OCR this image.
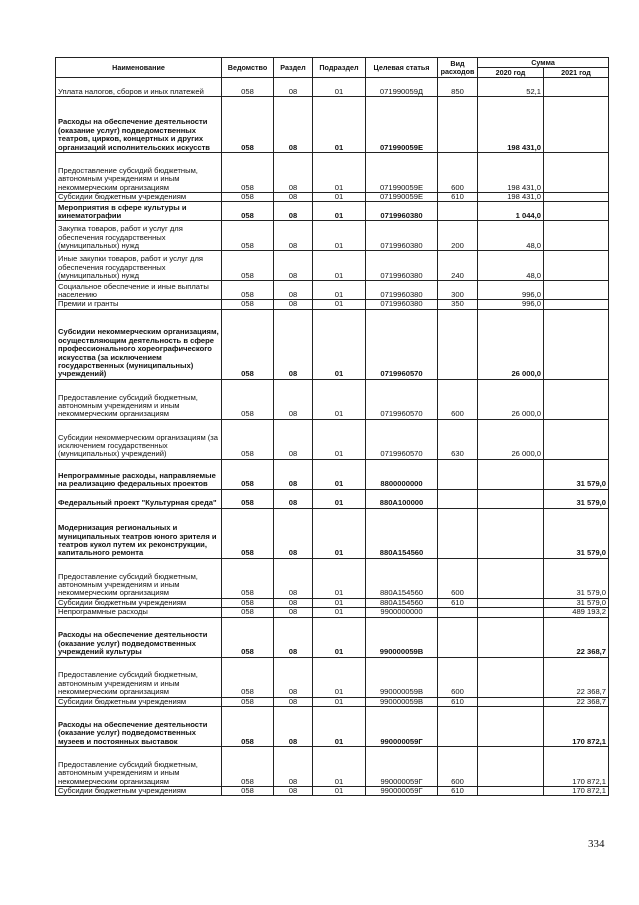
Наименование	Ведомство	Раздел	Подраздел	Целевая статья	Вид расходов	Сумма	
						2020 год	2021 год
Уплата налогов, сборов и иных платежей	058	08	01	071990059Д	850	52,1	
Расходы на обеспечение деятельности (оказание услуг) подведомственных театров, цирков, концертных и других организаций исполнительских искусств	058	08	01	071990059Е		198 431,0	
Предоставление субсидий бюджетным, автономным учреждениям и иным некоммерческим организациям	058	08	01	071990059Е	600	198 431,0	
Субсидии бюджетным учреждениям	058	08	01	071990059Е	610	198 431,0	
Мероприятия в сфере культуры и кинематографии	058	08	01	0719960380		1 044,0	
Закупка товаров, работ и услуг для обеспечения государственных (муниципальных) нужд	058	08	01	0719960380	200	48,0	
Иные закупки товаров, работ и услуг для обеспечения государственных (муниципальных) нужд	058	08	01	0719960380	240	48,0	
Социальное обеспечение и иные выплаты населению	058	08	01	0719960380	300	996,0	
Премии и гранты	058	08	01	0719960380	350	996,0	
Субсидии некоммерческим организациям, осуществляющим деятельность в сфере профессионального хореографического искусства (за исключением государственных (муниципальных) учреждений)	058	08	01	0719960570		26 000,0	
Предоставление субсидий бюджетным, автономным учреждениям и иным некоммерческим организациям	058	08	01	0719960570	600	26 000,0	
Субсидии некоммерческим организациям (за исключением государственных (муниципальных) учреждений)	058	08	01	0719960570	630	26 000,0	
Непрограммные расходы, направляемые на реализацию федеральных проектов	058	08	01	8800000000			31 579,0
Федеральный проект "Культурная среда"	058	08	01	880А100000			31 579,0
Модернизация региональных и муниципальных театров юного зрителя и театров кукол путем их реконструкции, капитального ремонта	058	08	01	880А154560			31 579,0
Предоставление субсидий бюджетным, автономным учреждениям и иным некоммерческим организациям	058	08	01	880А154560	600		31 579,0
Субсидии бюджетным учреждениям	058	08	01	880А154560	610		31 579,0
Непрограммные расходы	058	08	01	9900000000			489 193,2
Расходы на обеспечение деятельности (оказание услуг) подведомственных учреждений культуры	058	08	01	990000059В			22 368,7
Предоставление субсидий бюджетным, автономным учреждениям и иным некоммерческим организациям	058	08	01	990000059В	600		22 368,7
Субсидии бюджетным учреждениям	058	08	01	990000059В	610		22 368,7
Расходы на обеспечение деятельности (оказание услуг) подведомственных музеев и постоянных выставок	058	08	01	990000059Г			170 872,1
Предоставление субсидий бюджетным, автономным учреждениям и иным некоммерческим организациям	058	08	01	990000059Г	600		170 872,1
Субсидии бюджетным учреждениям	058	08	01	990000059Г	610		170 872,1
334
